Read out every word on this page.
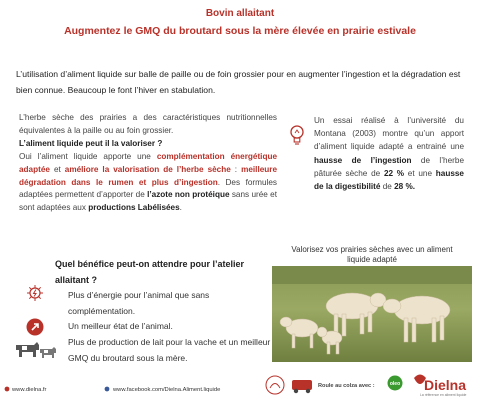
Bovin allaitant
Augmentez le GMQ du broutard sous la mère élevée en prairie estivale
L’utilisation d’aliment liquide sur balle de paille ou de foin grossier pour en augmenter l’ingestion et la dégradation est bien connue. Beaucoup le font l’hiver en stabulation.
L’herbe sèche des prairies a des caractéristiques nutritionnelles équivalentes à la paille ou au foin grossier.
L’aliment liquide peut il la valoriser ?
Oui l’aliment liquide apporte une complémentation énergétique adaptée et améliore la valorisation de l’herbe sèche : meilleure dégradation dans le rumen et plus d’ingestion. Des formules adaptées permettent d’apporter de l’azote non protéique sans urée et sont adaptées aux productions Labélisées.
Un essai réalisé à l’université du Montana (2003) montre qu’un apport d’aliment liquide adapté a entrainé une hausse de l’ingestion de l’herbe pâturée sèche de 22 % et une hausse de la digestibilité de 28 %.
Quel bénéfice peut-on attendre pour l’atelier allaitant ?
Plus d’énergie pour l’animal que sans complémentation.
Un meilleur état de l’animal.
Plus de production de lait pour la vache et un meilleur GMQ du broutard sous la mère.
Valorisez vos prairies sèches avec un aliment liquide adapté
www.dielna.fr	www.facebook.com/Dielna.Aliment.liquide
Roule au colza avec :	oleo Dielna
La référence en aliment liquide
